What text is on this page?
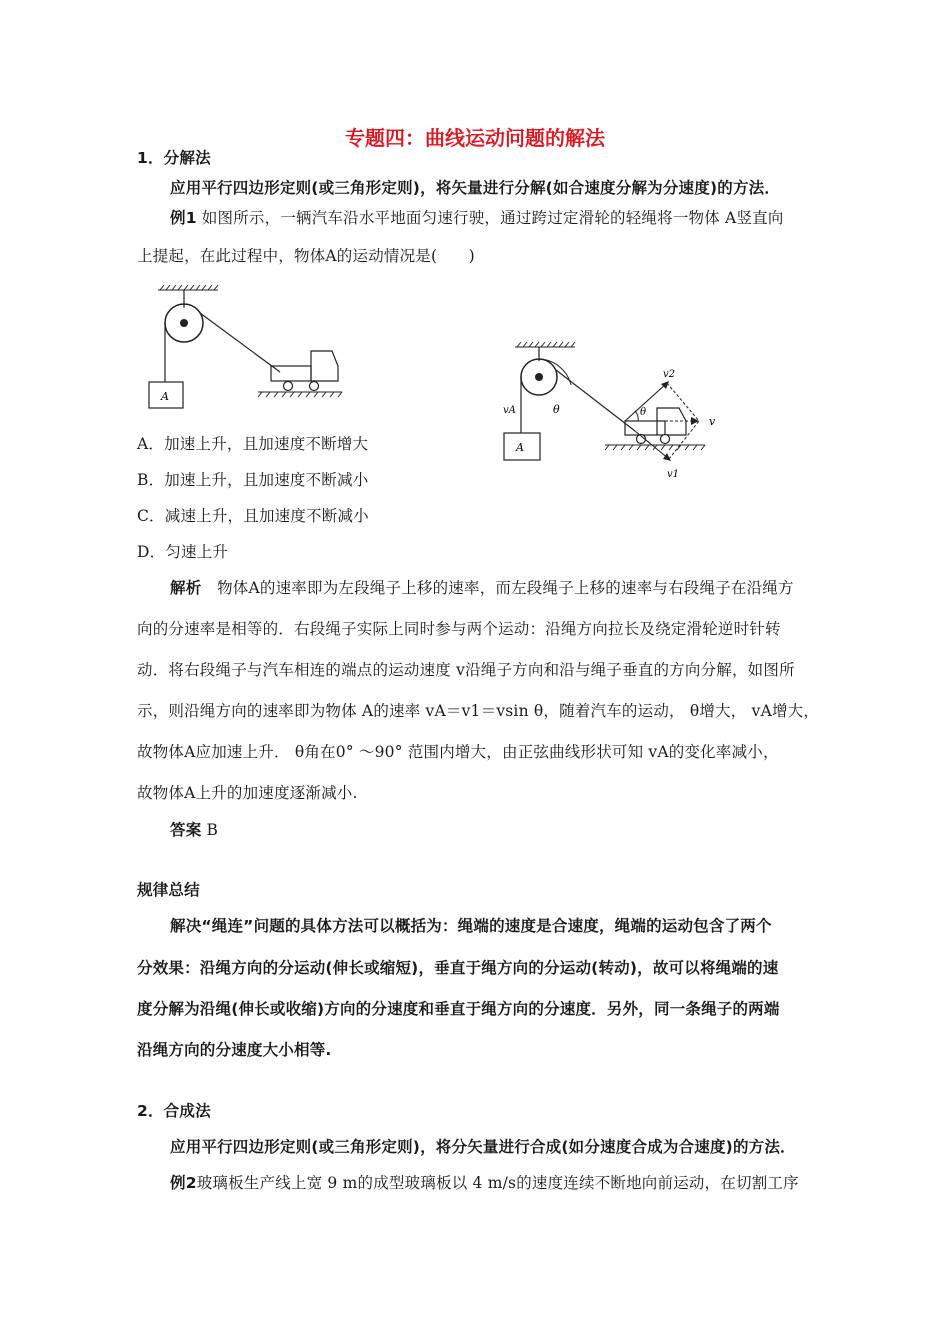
专题四：曲线运动问题的解法
1．分解法
应用平行四边形定则(或三角形定则)，将矢量进行分解(如合速度分解为分速度)的方法．
例1 如图所示，一辆汽车沿水平地面匀速行驶，通过跨过定滑轮的轻绳将一物体 A竖直向
上提起，在此过程中，物体A的运动情况是(　　)
A
θ
vA
A
v
v2
v1
θ
A．加速上升，且加速度不断增大
B．加速上升，且加速度不断减小
C．减速上升，且加速度不断减小
D．匀速上升
解析　物体A的速率即为左段绳子上移的速率，而左段绳子上移的速率与右段绳子在沿绳方
向的分速率是相等的．右段绳子实际上同时参与两个运动：沿绳方向拉长及绕定滑轮逆时针转
动．将右段绳子与汽车相连的端点的运动速度 v沿绳子方向和沿与绳子垂直的方向分解，如图所
示，则沿绳方向的速率即为物体 A的速率 vA＝v1＝vsin θ，随着汽车的运动， θ增大， vA增大，
故物体A应加速上升． θ角在0° ～90° 范围内增大，由正弦曲线形状可知 vA的变化率减小，
故物体A上升的加速度逐渐减小.
答案 B
规律总结
解决“绳连”问题的具体方法可以概括为：绳端的速度是合速度，绳端的运动包含了两个
分效果：沿绳方向的分运动(伸长或缩短)，垂直于绳方向的分运动(转动)，故可以将绳端的速
度分解为沿绳(伸长或收缩)方向的分速度和垂直于绳方向的分速度．另外，同一条绳子的两端
沿绳方向的分速度大小相等.
2．合成法
应用平行四边形定则(或三角形定则)，将分矢量进行合成(如分速度合成为合速度)的方法．
例2玻璃板生产线上宽 9 m的成型玻璃板以 4 m/s的速度连续不断地向前运动，在切割工序
